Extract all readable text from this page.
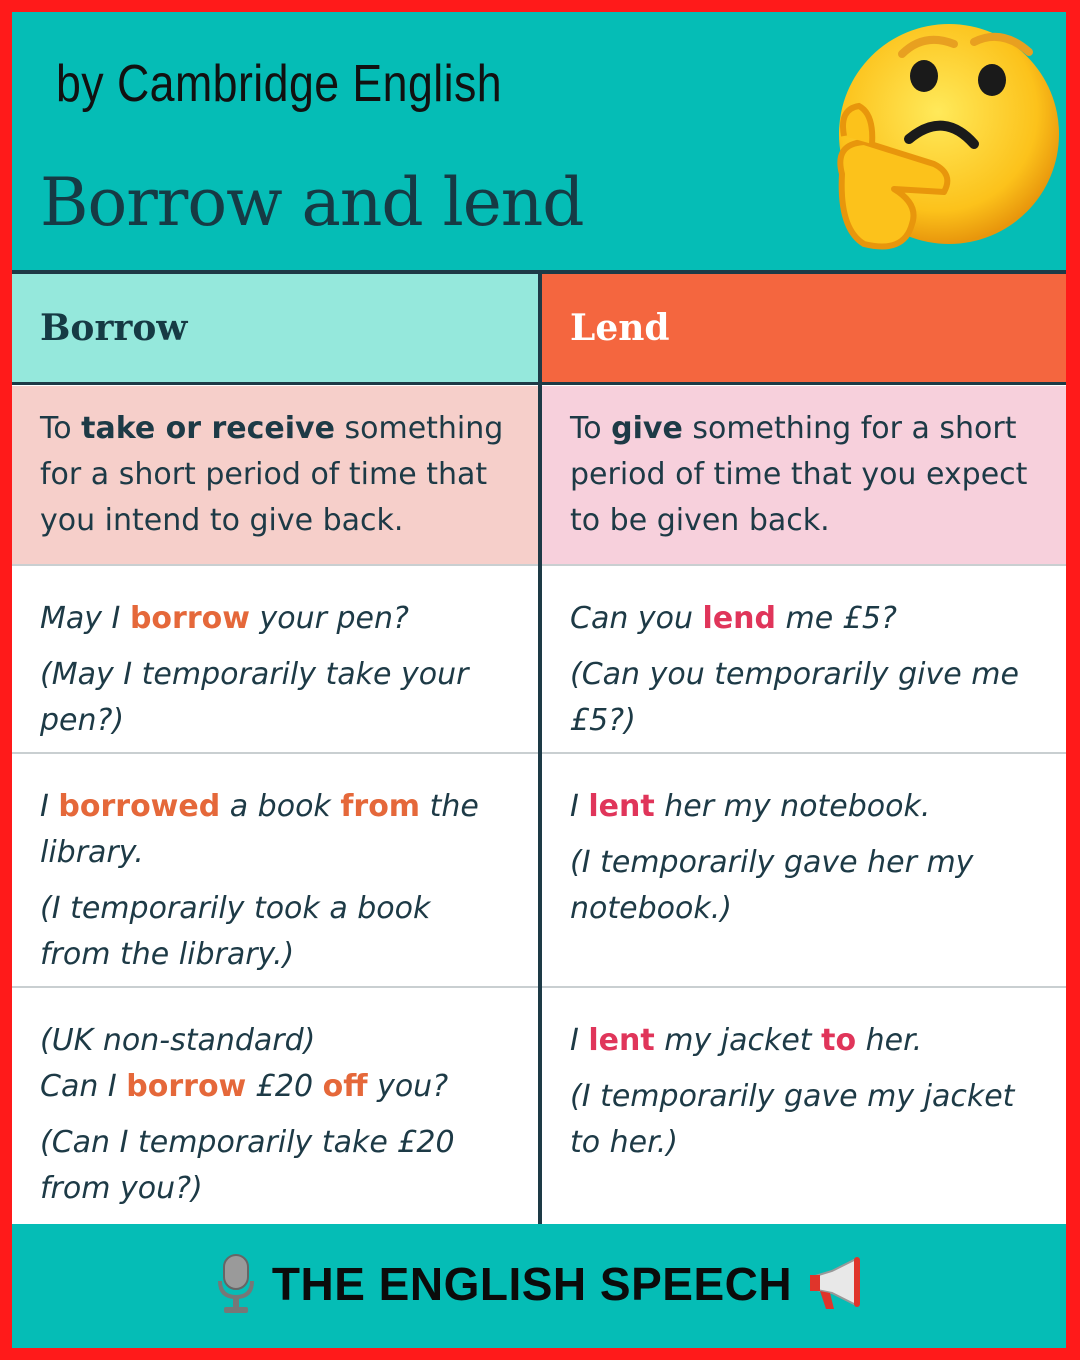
by Cambridge English
Borrow and lend
Borrow	Lend
To take or receive something for a short period of time that you intend to give back.
To give something for a short period of time that you expect to be given back.

May I borrow your pen?

(May I temporarily take your pen?)

Can you lend me £5?

(Can you temporarily give me £5?)

I borrowed a book from the library.

(I temporarily took a book from the library.)

I lent her my notebook.

(I temporarily gave her my notebook.)

(UK non-standard)

Can I borrow £20 off you?

(Can I temporarily take £20 from you?)

I lent my jacket to her.

(I temporarily gave my jacket to her.)

THE ENGLISH SPEECH
